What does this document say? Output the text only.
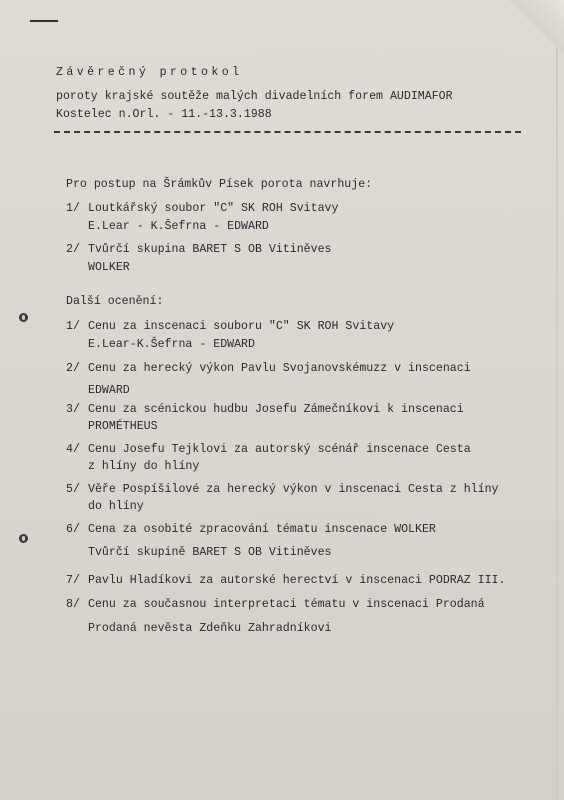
Závěrečný protokol
poroty krajské soutěže malých divadelních forem AUDIMAFOR
Kostelec n.Orl. - 11.-13.3.1988
Pro postup na Šrámkův Písek porota navrhuje:
1/ Loutkářský soubor "C" SK ROH Svitavy
E.Lear - K.Šefrna - EDWARD
2/ Tvůrčí skupina BARET S OB Vitiněves
WOLKER
Další ocenění:
1/ Cenu za inscenaci souboru "C" SK ROH Svitavy
E.Lear-K.Šefrna - EDWARD
2/ Cenu za herecký výkon Pavlu Svojanovskémuzz v inscenaci
EDWARD
3/ Cenu za scénickou hudbu Josefu Zámečníkovi k inscenaci
PROMÉTHEUS
4/ Cenu Josefu Tejklovi za autorský scénář inscenace Cesta
z hlíny do hlíny
5/ Věře Pospíšilové za herecký výkon v inscenaci Cesta z hlíny
do hlíny
6/ Cena za osobité zpracování tématu inscenace WOLKER
Tvůrčí skupině BARET S OB Vitiněves
7/ Pavlu Hladíkovi za autorské herectví v inscenaci PODRAZ III.
8/ Cenu za současnou interpretaci tématu v inscenaci Prodaná
Prodaná nevěsta Zdeňku Zahradníkovi
